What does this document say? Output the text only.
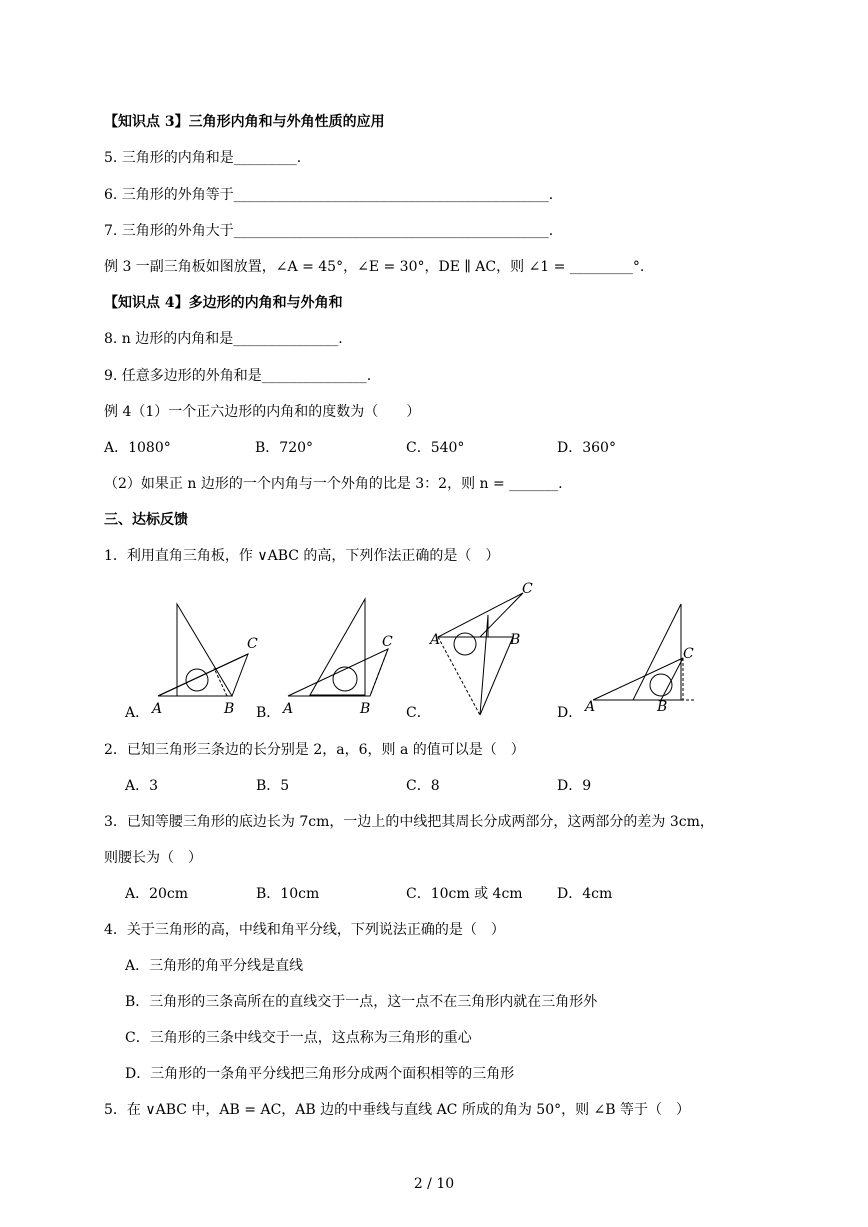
【知识点 3】三角形内角和与外角性质的应用
5. 三角形的内角和是_________.
6. 三角形的外角等于_____________________________________________.
7. 三角形的外角大于_____________________________________________.
例 3 一副三角板如图放置，∠A = 45°，∠E = 30°，DE ∥ AC，则 ∠1 = _________°.
【知识点 4】多边形的内角和与外角和
8. n 边形的内角和是_______________.
9. 任意多边形的外角和是_______________.
例 4（1）一个正六边形的内角和的度数为（　　）
A．1080°	B．720°	C．540°	D．360°
（2）如果正 n 边形的一个内角与一个外角的比是 3：2，则 n = _______.
三、达标反馈
1．利用直角三角板，作 ∨ABC 的高，下列作法正确的是（　）
A	B
C
A．	A	B
C
B．
A	B
C
C．	A	B
C
D．
2．已知三角形三条边的长分别是 2，a，6，则 a 的值可以是（　）
A．3	B．5	C．8	D．9
3．已知等腰三角形的底边长为 7cm，一边上的中线把其周长分成两部分，这两部分的差为 3cm，
则腰长为（　）
A．20cm	B．10cm	C．10cm 或 4cm D．4cm
4．关于三角形的高，中线和角平分线，下列说法正确的是（　）
A．三角形的角平分线是直线
B．三角形的三条高所在的直线交于一点，这一点不在三角形内就在三角形外
C．三角形的三条中线交于一点，这点称为三角形的重心
D．三角形的一条角平分线把三角形分成两个面积相等的三角形
5．在 ∨ABC 中，AB = AC，AB 边的中垂线与直线 AC 所成的角为 50°，则 ∠B 等于（　）
2 / 10
